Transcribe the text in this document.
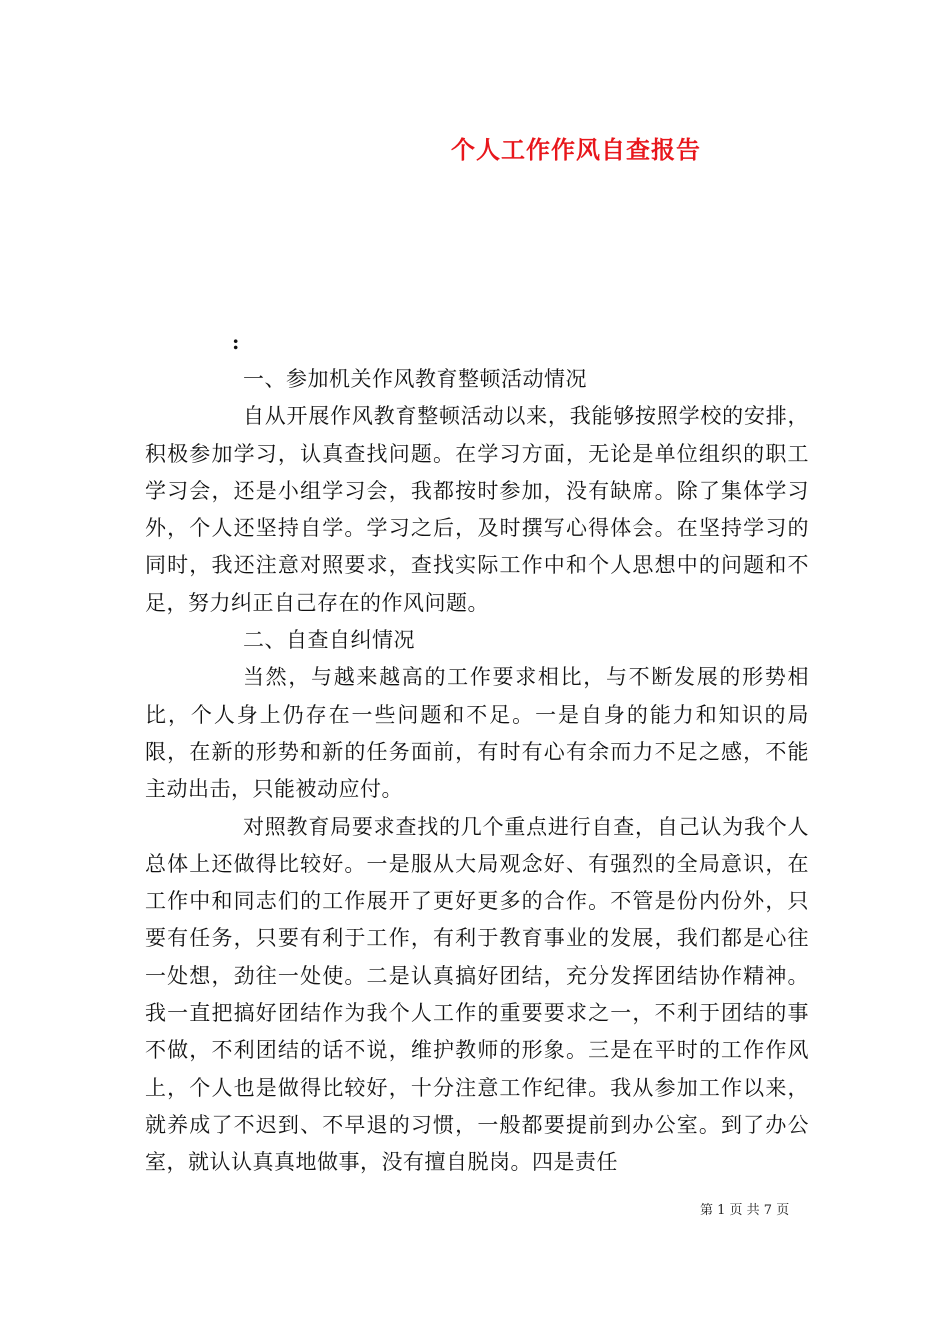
个人工作作风自查报告
:

一、参加机关作风教育整顿活动情况

自从开展作风教育整顿活动以来，我能够按照学校的安排，积极参加学习，认真查找问题。在学习方面，无论是单位组织的职工学习会，还是小组学习会，我都按时参加，没有缺席。除了集体学习外，个人还坚持自学。学习之后，及时撰写心得体会。在坚持学习的同时，我还注意对照要求，查找实际工作中和个人思想中的问题和不足，努力纠正自己存在的作风问题。

二、自查自纠情况

当然，与越来越高的工作要求相比，与不断发展的形势相比，个人身上仍存在一些问题和不足。一是自身的能力和知识的局限，在新的形势和新的任务面前，有时有心有余而力不足之感，不能主动出击，只能被动应付。

对照教育局要求查找的几个重点进行自查，自己认为我个人总体上还做得比较好。一是服从大局观念好、有强烈的全局意识，在工作中和同志们的工作展开了更好更多的合作。不管是份内份外，只要有任务，只要有利于工作，有利于教育事业的发展，我们都是心往一处想，劲往一处使。二是认真搞好团结，充分发挥团结协作精神。我一直把搞好团结作为我个人工作的重要要求之一，不利于团结的事不做，不利团结的话不说，维护教师的形象。三是在平时的工作作风上，个人也是做得比较好，十分注意工作纪律。我从参加工作以来，就养成了不迟到、不早退的习惯，一般都要提前到办公室。到了办公室，就认认真真地做事，没有擅自脱岗。四是责任

第 1 页 共 7 页
